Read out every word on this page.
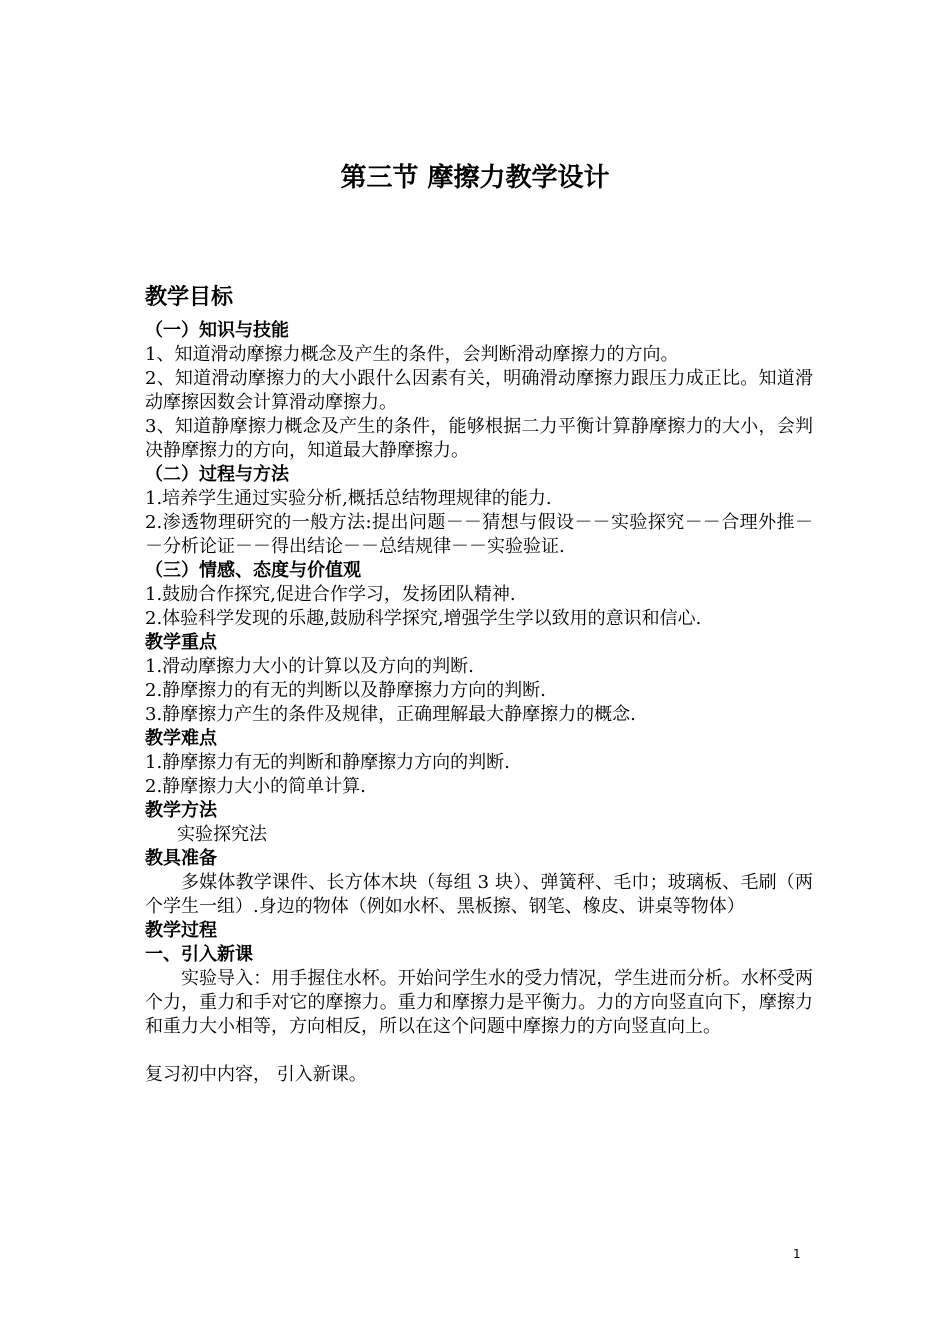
第三节 摩擦力教学设计
教学目标
（一）知识与技能
1、知道滑动摩擦力概念及产生的条件，会判断滑动摩擦力的方向。
2、知道滑动摩擦力的大小跟什么因素有关，明确滑动摩擦力跟压力成正比。知道滑动摩擦因数会计算滑动摩擦力。
3、知道静摩擦力概念及产生的条件，能够根据二力平衡计算静摩擦力的大小，会判决静摩擦力的方向，知道最大静摩擦力。
（二）过程与方法
1.培养学生通过实验分析,概括总结物理规律的能力.
2.渗透物理研究的一般方法:提出问题－－猜想与假设－－实验探究－－合理外推－－分析论证－－得出结论－－总结规律－－实验验证.
（三）情感、态度与价值观
1.鼓励合作探究,促进合作学习，发扬团队精神.
2.体验科学发现的乐趣,鼓励科学探究,增强学生学以致用的意识和信心.
教学重点
1.滑动摩擦力大小的计算以及方向的判断.
2.静摩擦力的有无的判断以及静摩擦力方向的判断.
3.静摩擦力产生的条件及规律，正确理解最大静摩擦力的概念.
教学难点
1.静摩擦力有无的判断和静摩擦力方向的判断.
2.静摩擦力大小的简单计算.
教学方法
实验探究法
教具准备
多媒体教学课件、长方体木块（每组 3 块）、弹簧秤、毛巾；玻璃板、毛刷（两个学生一组）.身边的物体（例如水杯、黑板擦、钢笔、橡皮、讲桌等物体）
教学过程
一、引入新课
实验导入：用手握住水杯。开始问学生水的受力情况，学生进而分析。水杯受两个力，重力和手对它的摩擦力。重力和摩擦力是平衡力。力的方向竖直向下，摩擦力和重力大小相等，方向相反，所以在这个问题中摩擦力的方向竖直向上。
复习初中内容， 引入新课。
1
